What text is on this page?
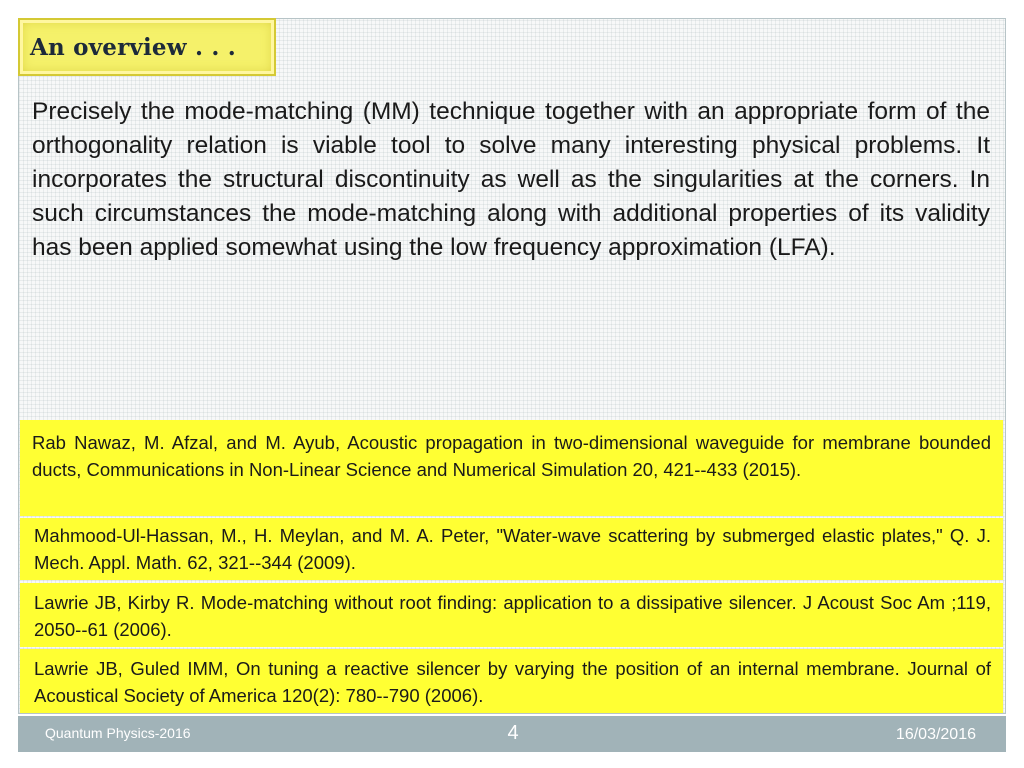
An overview . . .

Precisely the mode-matching (MM) technique together with an appropriate form of the orthogonality relation is viable tool to solve many interesting physical problems. It incorporates the structural discontinuity as well as the singularities at the corners. In such circumstances the mode-matching along with additional properties of its validity has been applied somewhat using the low frequency approximation (LFA).

Rab Nawaz, M. Afzal, and M. Ayub, Acoustic propagation in two-dimensional waveguide for membrane bounded ducts, Communications in Non-Linear Science and Numerical Simulation 20, 421--433 (2015).
Mahmood-Ul-Hassan, M., H. Meylan, and M. A. Peter, "Water-wave scattering by submerged elastic plates," Q. J. Mech. Appl. Math. 62, 321--344 (2009).
Lawrie JB, Kirby R. Mode-matching without root finding: application to a dissipative silencer. J Acoust Soc Am ;119, 2050--61 (2006).
Lawrie JB, Guled IMM, On tuning a reactive silencer by varying the position of an internal membrane. Journal of Acoustical Society of America 120(2): 780--790 (2006).
Quantum Physics-2016	4	16/03/2016
